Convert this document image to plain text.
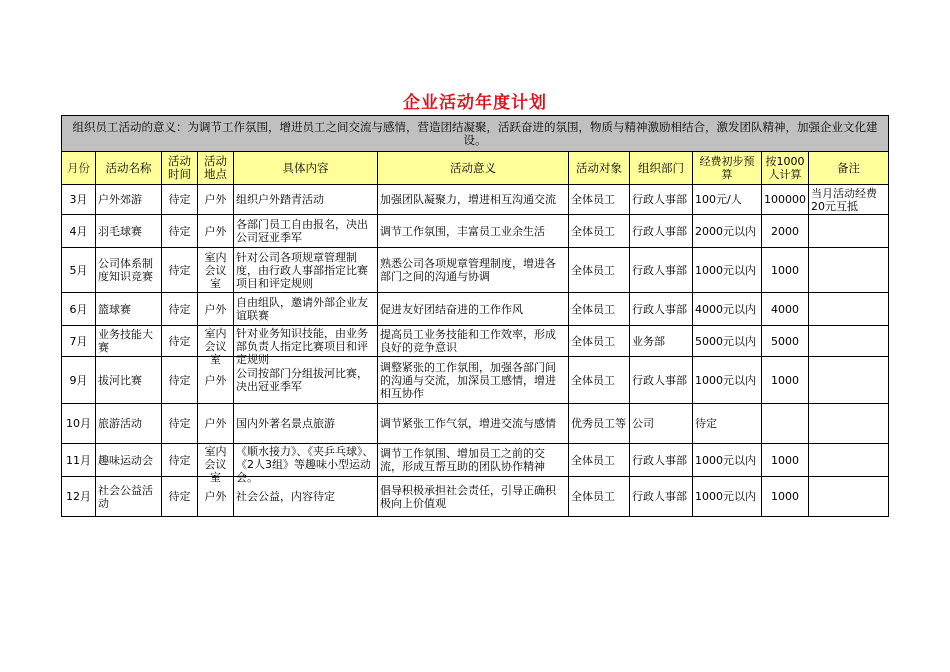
企业活动年度计划
组织员工活动的意义：为调节工作氛围，增进员工之间交流与感情，营造团结凝聚，活跃奋进的氛围，物质与精神激励相结合，激发团队精神，加强企业文化建设。										
月份	活动名称	活动时间	活动地点	具体内容	活动意义	活动对象	组织部门	经费初步预算	按1000人计算	备注

3月	户外郊游	待定	户外	组织户外踏青活动	加强团队凝聚力，增进相互沟通交流	全体员工	行政人事部	100元/人	100000	当月活动经费20元互抵

4月	羽毛球赛	待定	户外	各部门员工自由报名，决出公司冠亚季军	调节工作氛围，丰富员工业余生活	全体员工	行政人事部	2000元以内	2000	

5月	公司体系制度知识竞赛	待定	室内会议室	针对公司各项规章管理制度，由行政人事部指定比赛项目和评定规则	熟悉公司各项规章管理制度，增进各部门之间的沟通与协调	全体员工	行政人事部	1000元以内	1000	

6月	篮球赛	待定	户外	自由组队，邀请外部企业友谊联赛	促进友好团结奋进的工作作风	全体员工	行政人事部	4000元以内	4000	

7月	业务技能大赛	待定	室内会议室	针对业务知识技能，由业务部负责人指定比赛项目和评定规则	提高员工业务技能和工作效率，形成良好的竞争意识	全体员工	业务部	5000元以内	5000	

9月	拔河比赛	待定	户外	公司按部门分组拔河比赛，决出冠亚季军	调整紧张的工作氛围，加强各部门间的沟通与交流，加深员工感情，增进相互协作	全体员工	行政人事部	1000元以内	1000	

10月	旅游活动	待定	户外	国内外著名景点旅游	调节紧张工作气氛，增进交流与感情	优秀员工等	公司	待定		

11月	趣味运动会	待定	室内会议室	《顺水接力》、《夹乒乓球》、《2人3组》等趣味小型运动会。	调节工作氛围、增加员工之前的交流，形成互帮互助的团队协作精神	全体员工	行政人事部	1000元以内	1000	

12月	社会公益活动	待定	户外	社会公益，内容待定	倡导积极承担社会责任，引导正确积极向上价值观	全体员工	行政人事部	1000元以内	1000	
